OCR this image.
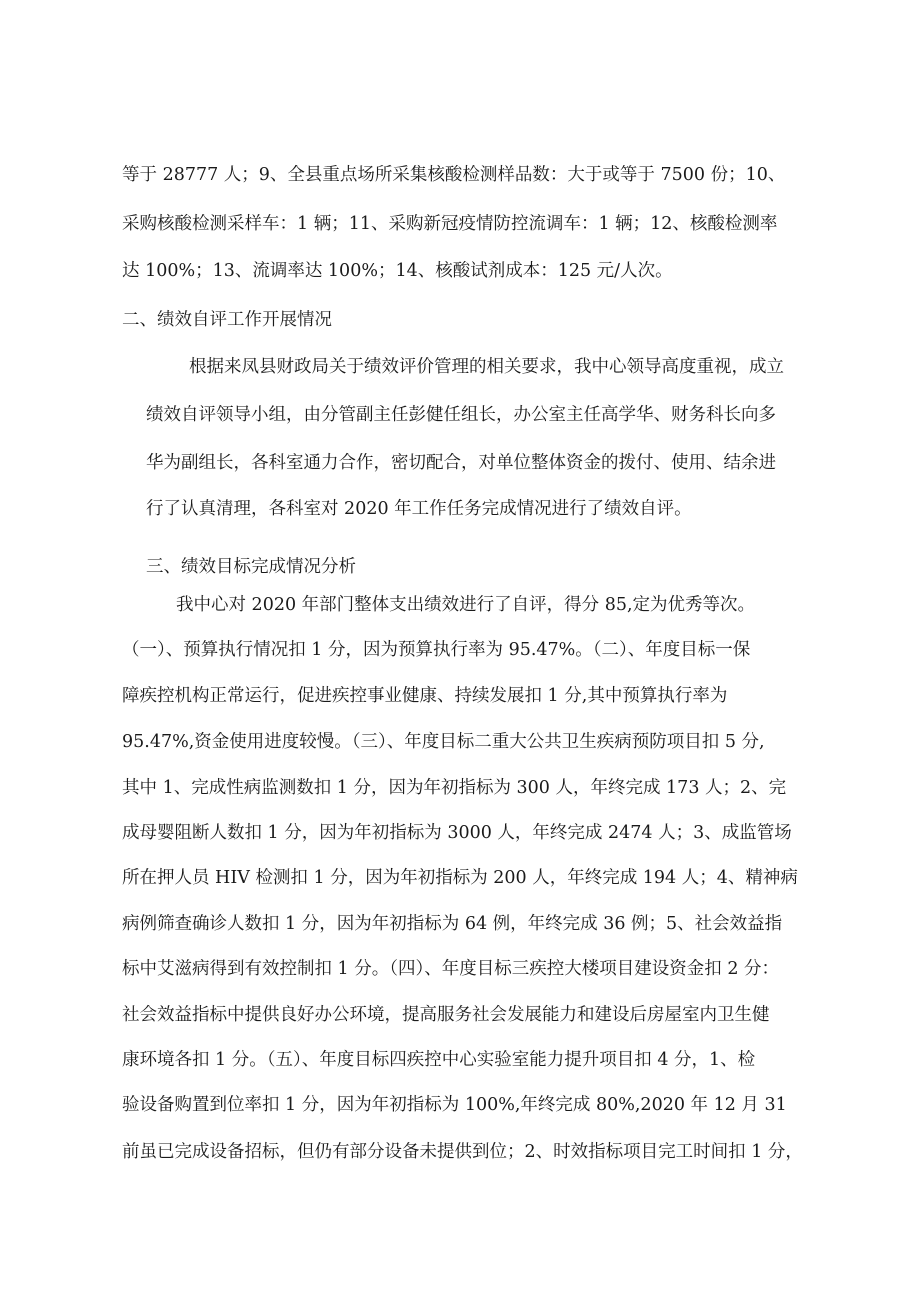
等于 28777 人；9、全县重点场所采集核酸检测样品数：大于或等于 7500 份；10、
采购核酸检测采样车：1 辆；11、采购新冠疫情防控流调车：1 辆；12、核酸检测率
达 100%；13、流调率达 100%；14、核酸试剂成本：125 元/人次。
二、绩效自评工作开展情况
根据来凤县财政局关于绩效评价管理的相关要求，我中心领导高度重视，成立
绩效自评领导小组，由分管副主任彭健任组长，办公室主任高学华、财务科长向多
华为副组长，各科室通力合作，密切配合，对单位整体资金的拨付、使用、结余进
行了认真清理，各科室对 2020 年工作任务完成情况进行了绩效自评。
三、绩效目标完成情况分析
我中心对 2020 年部门整体支出绩效进行了自评，得分 85,定为优秀等次。
（一）、预算执行情况扣 1 分，因为预算执行率为 95.47%。（二）、年度目标一保
障疾控机构正常运行，促进疾控事业健康、持续发展扣 1 分,其中预算执行率为
95.47%,资金使用进度较慢。（三）、年度目标二重大公共卫生疾病预防项目扣 5 分,
其中 1、完成性病监测数扣 1 分，因为年初指标为 300 人，年终完成 173 人；2、完
成母婴阻断人数扣 1 分，因为年初指标为 3000 人，年终完成 2474 人；3、成监管场
所在押人员 HIV 检测扣 1 分，因为年初指标为 200 人，年终完成 194 人；4、精神病
病例筛查确诊人数扣 1 分，因为年初指标为 64 例，年终完成 36 例；5、社会效益指
标中艾滋病得到有效控制扣 1 分。（四）、年度目标三疾控大楼项目建设资金扣 2 分：
社会效益指标中提供良好办公环境，提高服务社会发展能力和建设后房屋室内卫生健
康环境各扣 1 分。（五）、年度目标四疾控中心实验室能力提升项目扣 4 分，1、检
验设备购置到位率扣 1 分，因为年初指标为 100%,年终完成 80%,2020 年 12 月 31
前虽已完成设备招标，但仍有部分设备未提供到位；2、时效指标项目完工时间扣 1 分，
